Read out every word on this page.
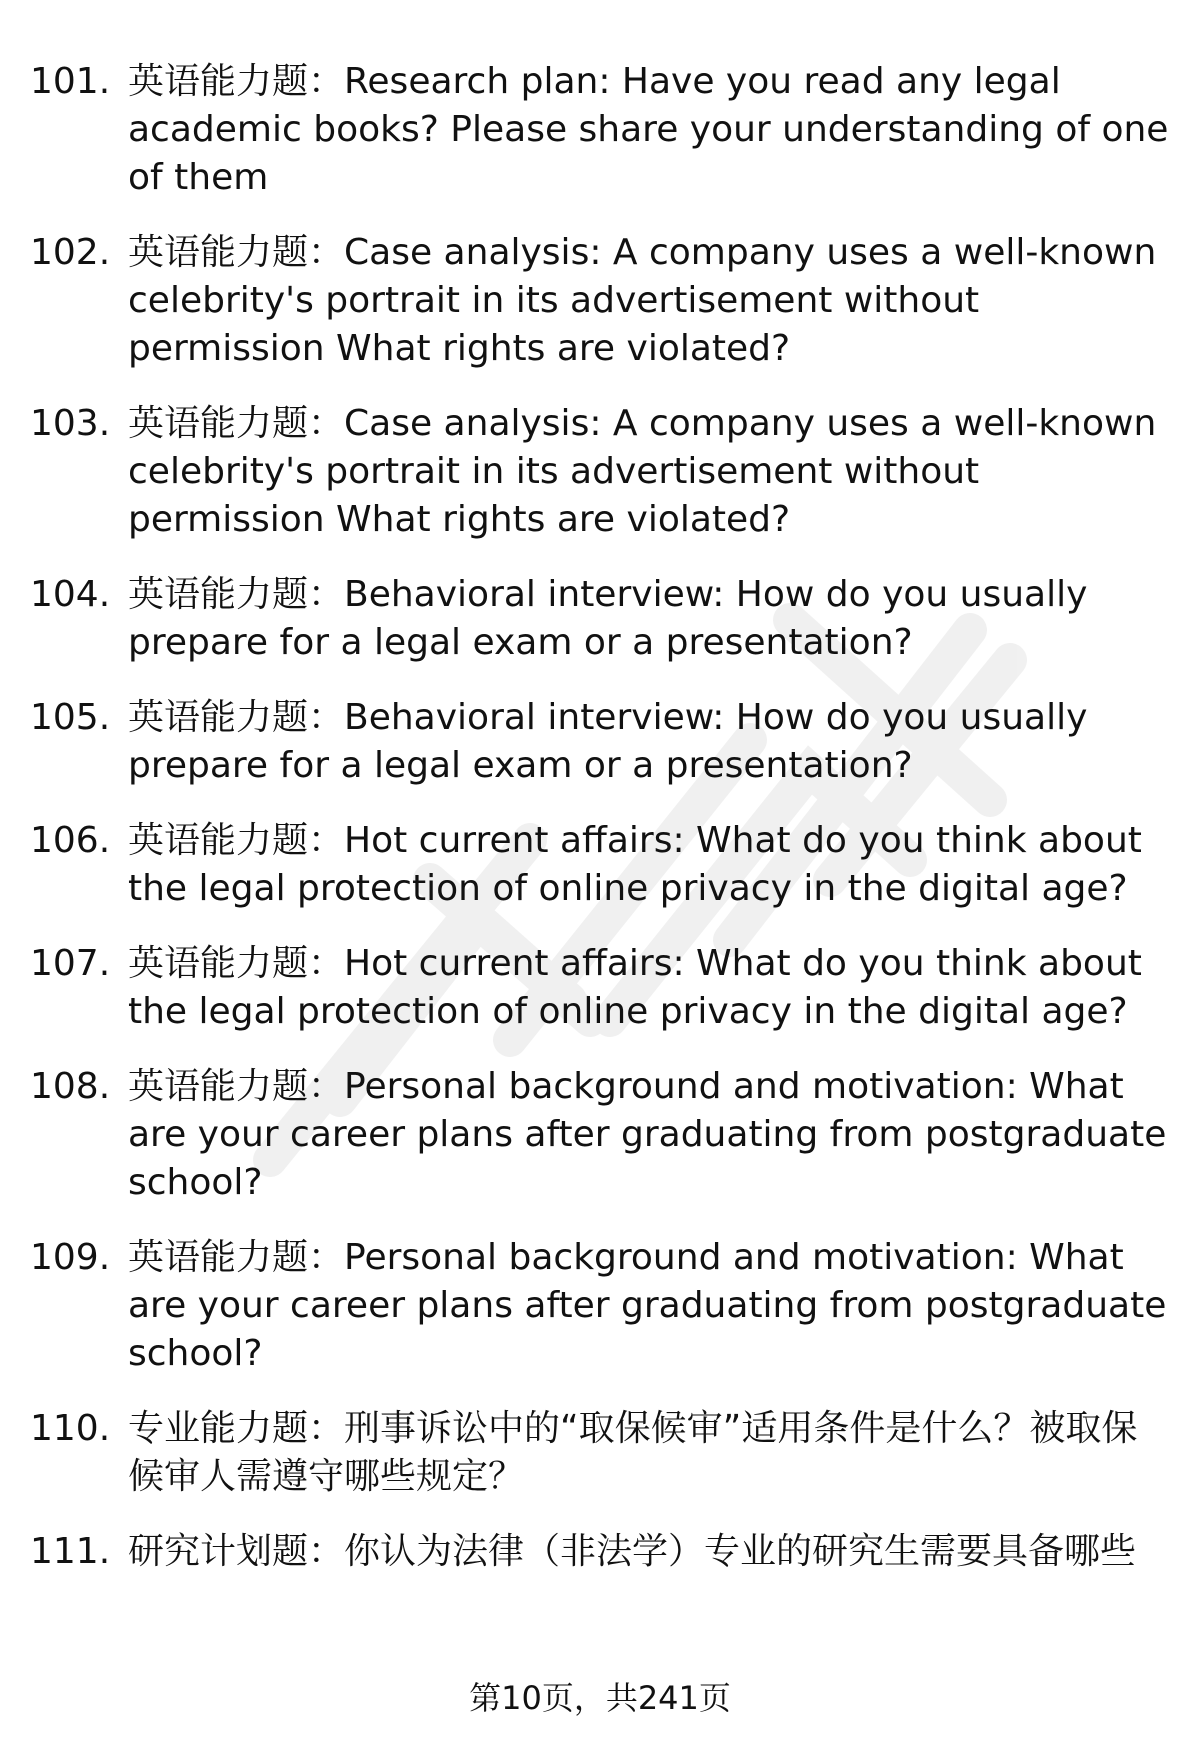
101. 英语能力题：Research plan: Have you read any legal academic books? Please share your understanding of one of them
102. 英语能力题：Case analysis: A company uses a well-known celebrity's portrait in its advertisement without permission What rights are violated?
103. 英语能力题：Case analysis: A company uses a well-known celebrity's portrait in its advertisement without permission What rights are violated?
104. 英语能力题：Behavioral interview: How do you usually prepare for a legal exam or a presentation?
105. 英语能力题：Behavioral interview: How do you usually prepare for a legal exam or a presentation?
106. 英语能力题：Hot current affairs: What do you think about the legal protection of online privacy in the digital age?
107. 英语能力题：Hot current affairs: What do you think about the legal protection of online privacy in the digital age?
108. 英语能力题：Personal background and motivation: What are your career plans after graduating from postgraduate school?
109. 英语能力题：Personal background and motivation: What are your career plans after graduating from postgraduate school?
110. 专业能力题：刑事诉讼中的“取保候审”适用条件是什么？被取保候审人需遵守哪些规定？
111. 研究计划题：你认为法律（非法学）专业的研究生需要具备哪些
第10页，共241页
